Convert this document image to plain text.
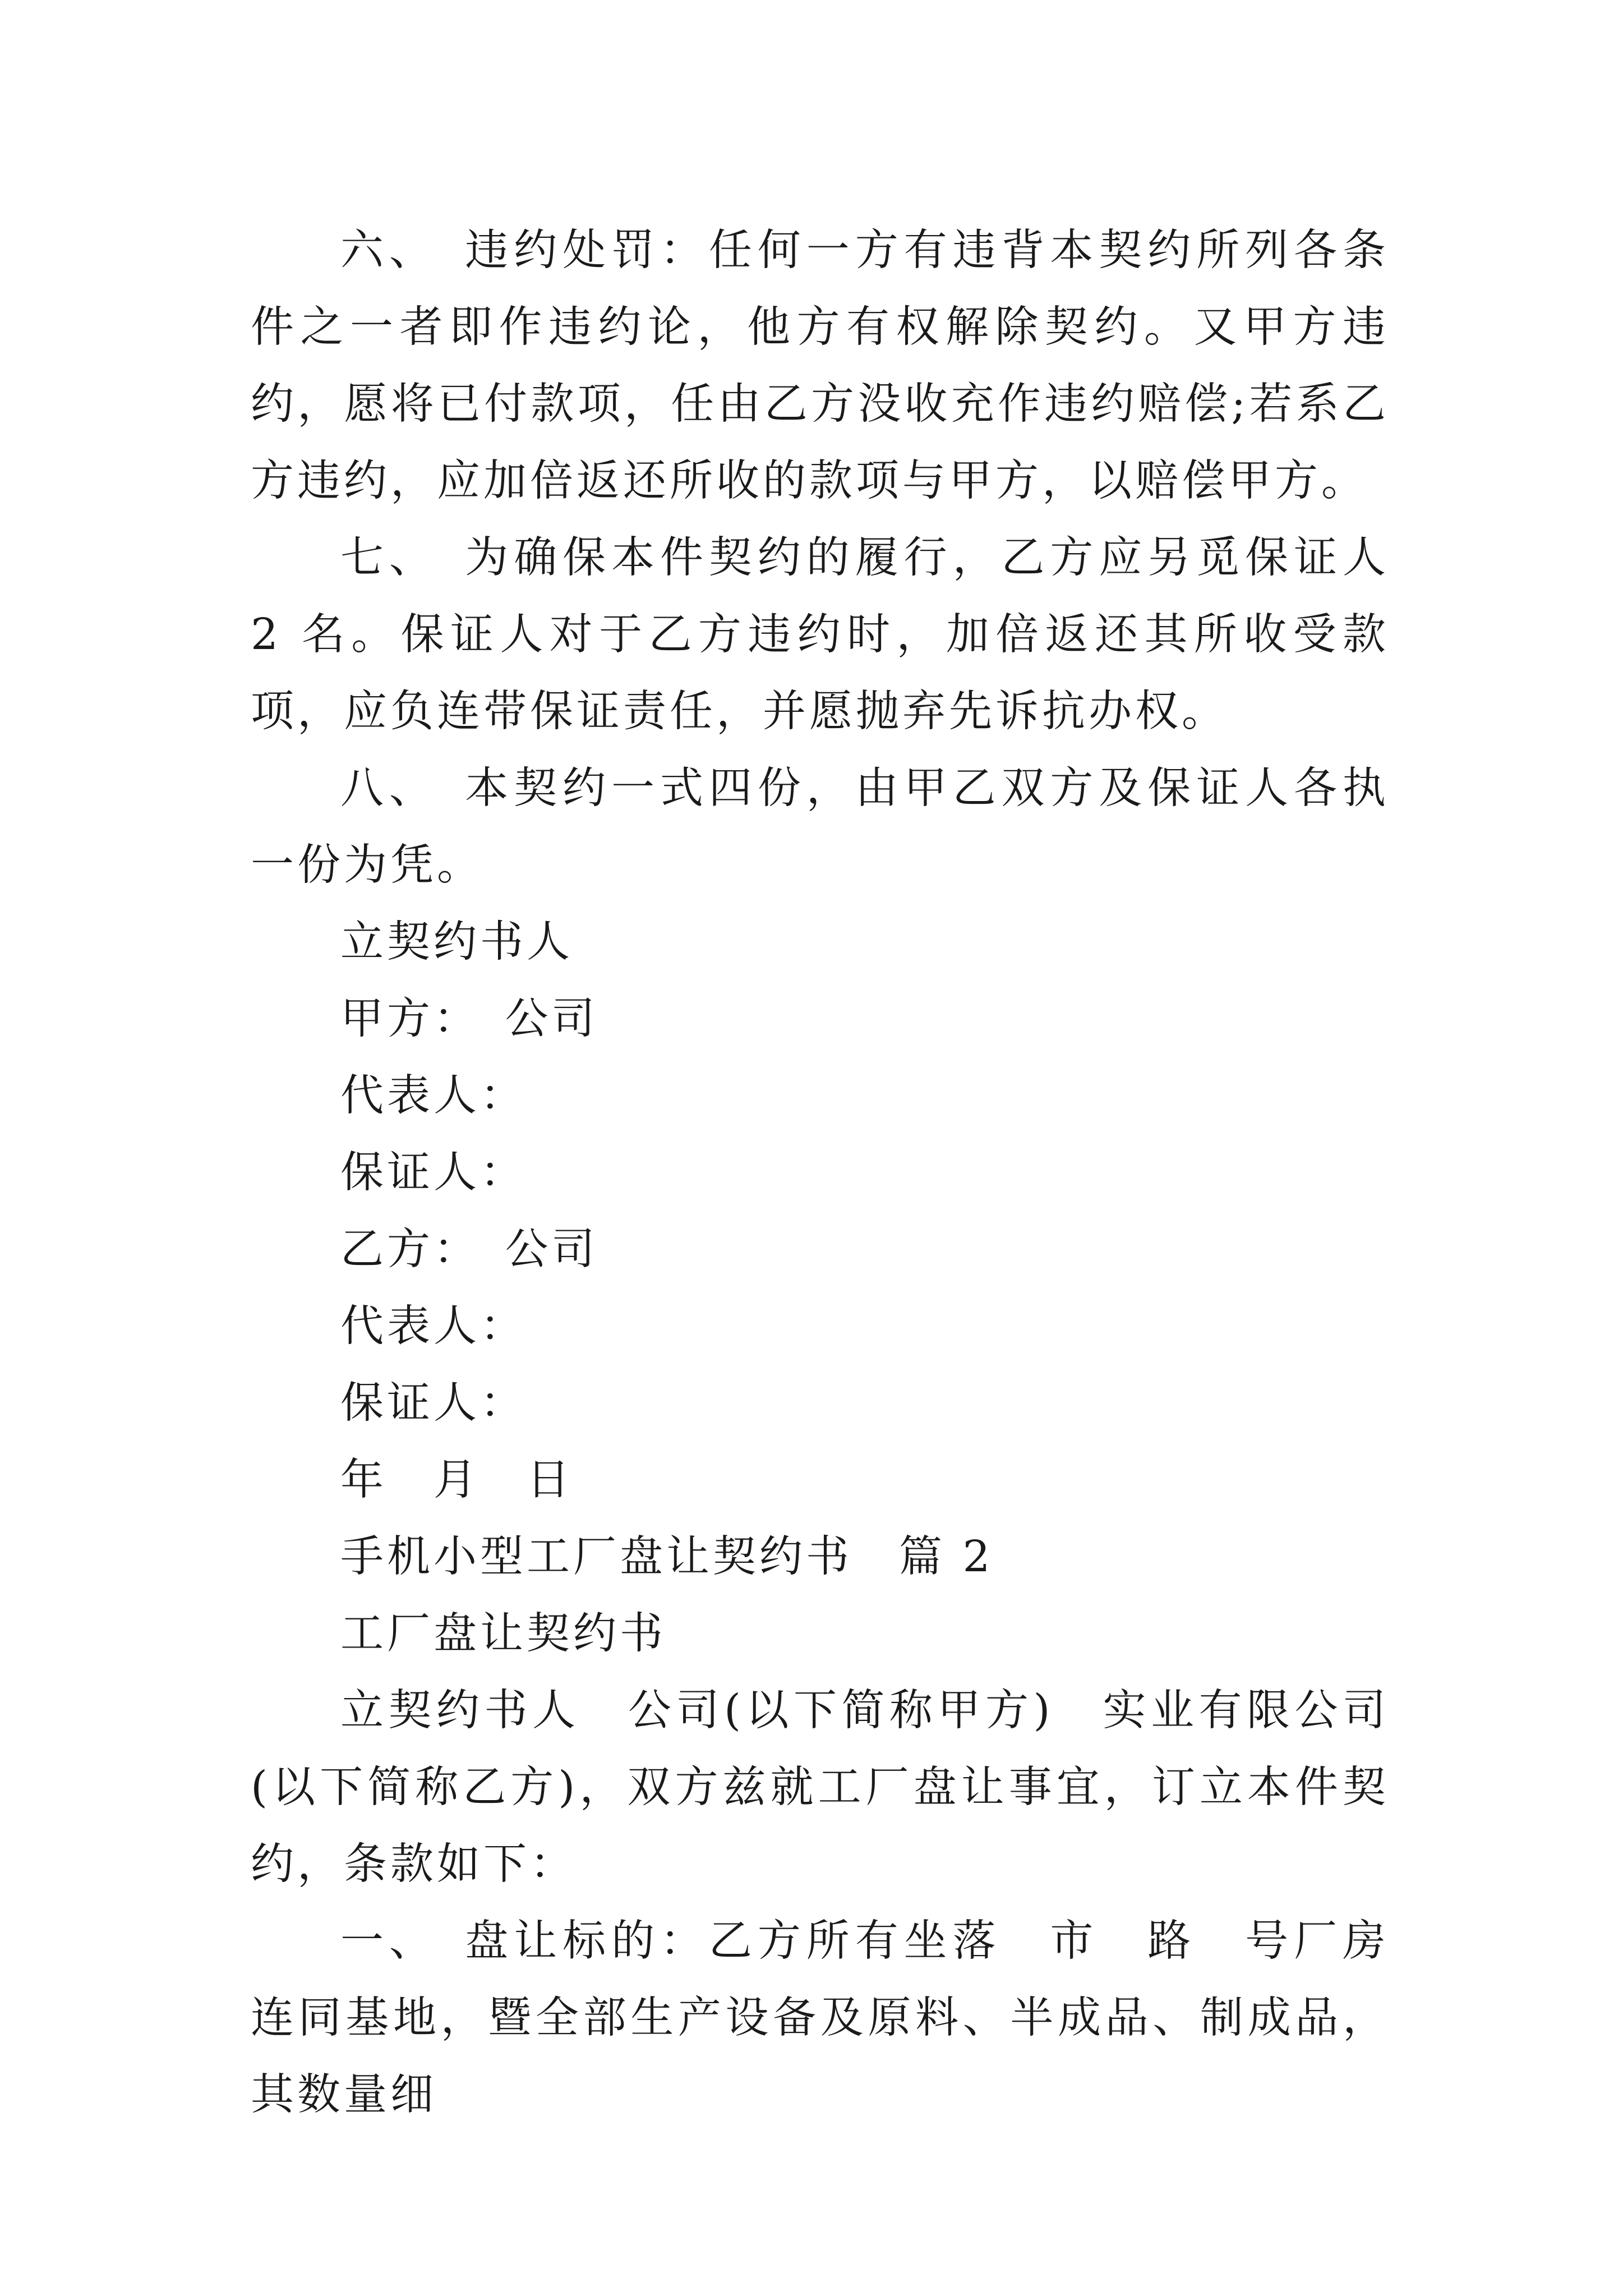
六、　违约处罚：任何一方有违背本契约所列各条件之一者即作违约论，他方有权解除契约。又甲方违约，愿将已付款项，任由乙方没收充作违约赔偿;若系乙方违约，应加倍返还所收的款项与甲方，以赔偿甲方。

七、　为确保本件契约的履行，乙方应另觅保证人 2 名。保证人对于乙方违约时，加倍返还其所收受款项，应负连带保证责任，并愿抛弃先诉抗办权。

八、　本契约一式四份，由甲乙双方及保证人各执一份为凭。

立契约书人

甲方：　公司

代表人：

保证人：

乙方：　公司

代表人：

保证人：

年　月　日

手机小型工厂盘让契约书　篇 2

工厂盘让契约书

立契约书人　公司(以下简称甲方)　实业有限公司(以下简称乙方)，双方兹就工厂盘让事宜，订立本件契约，条款如下：

一、　盘让标的：乙方所有坐落　市　路　号厂房连同基地，暨全部生产设备及原料、半成品、制成品，其数量细
